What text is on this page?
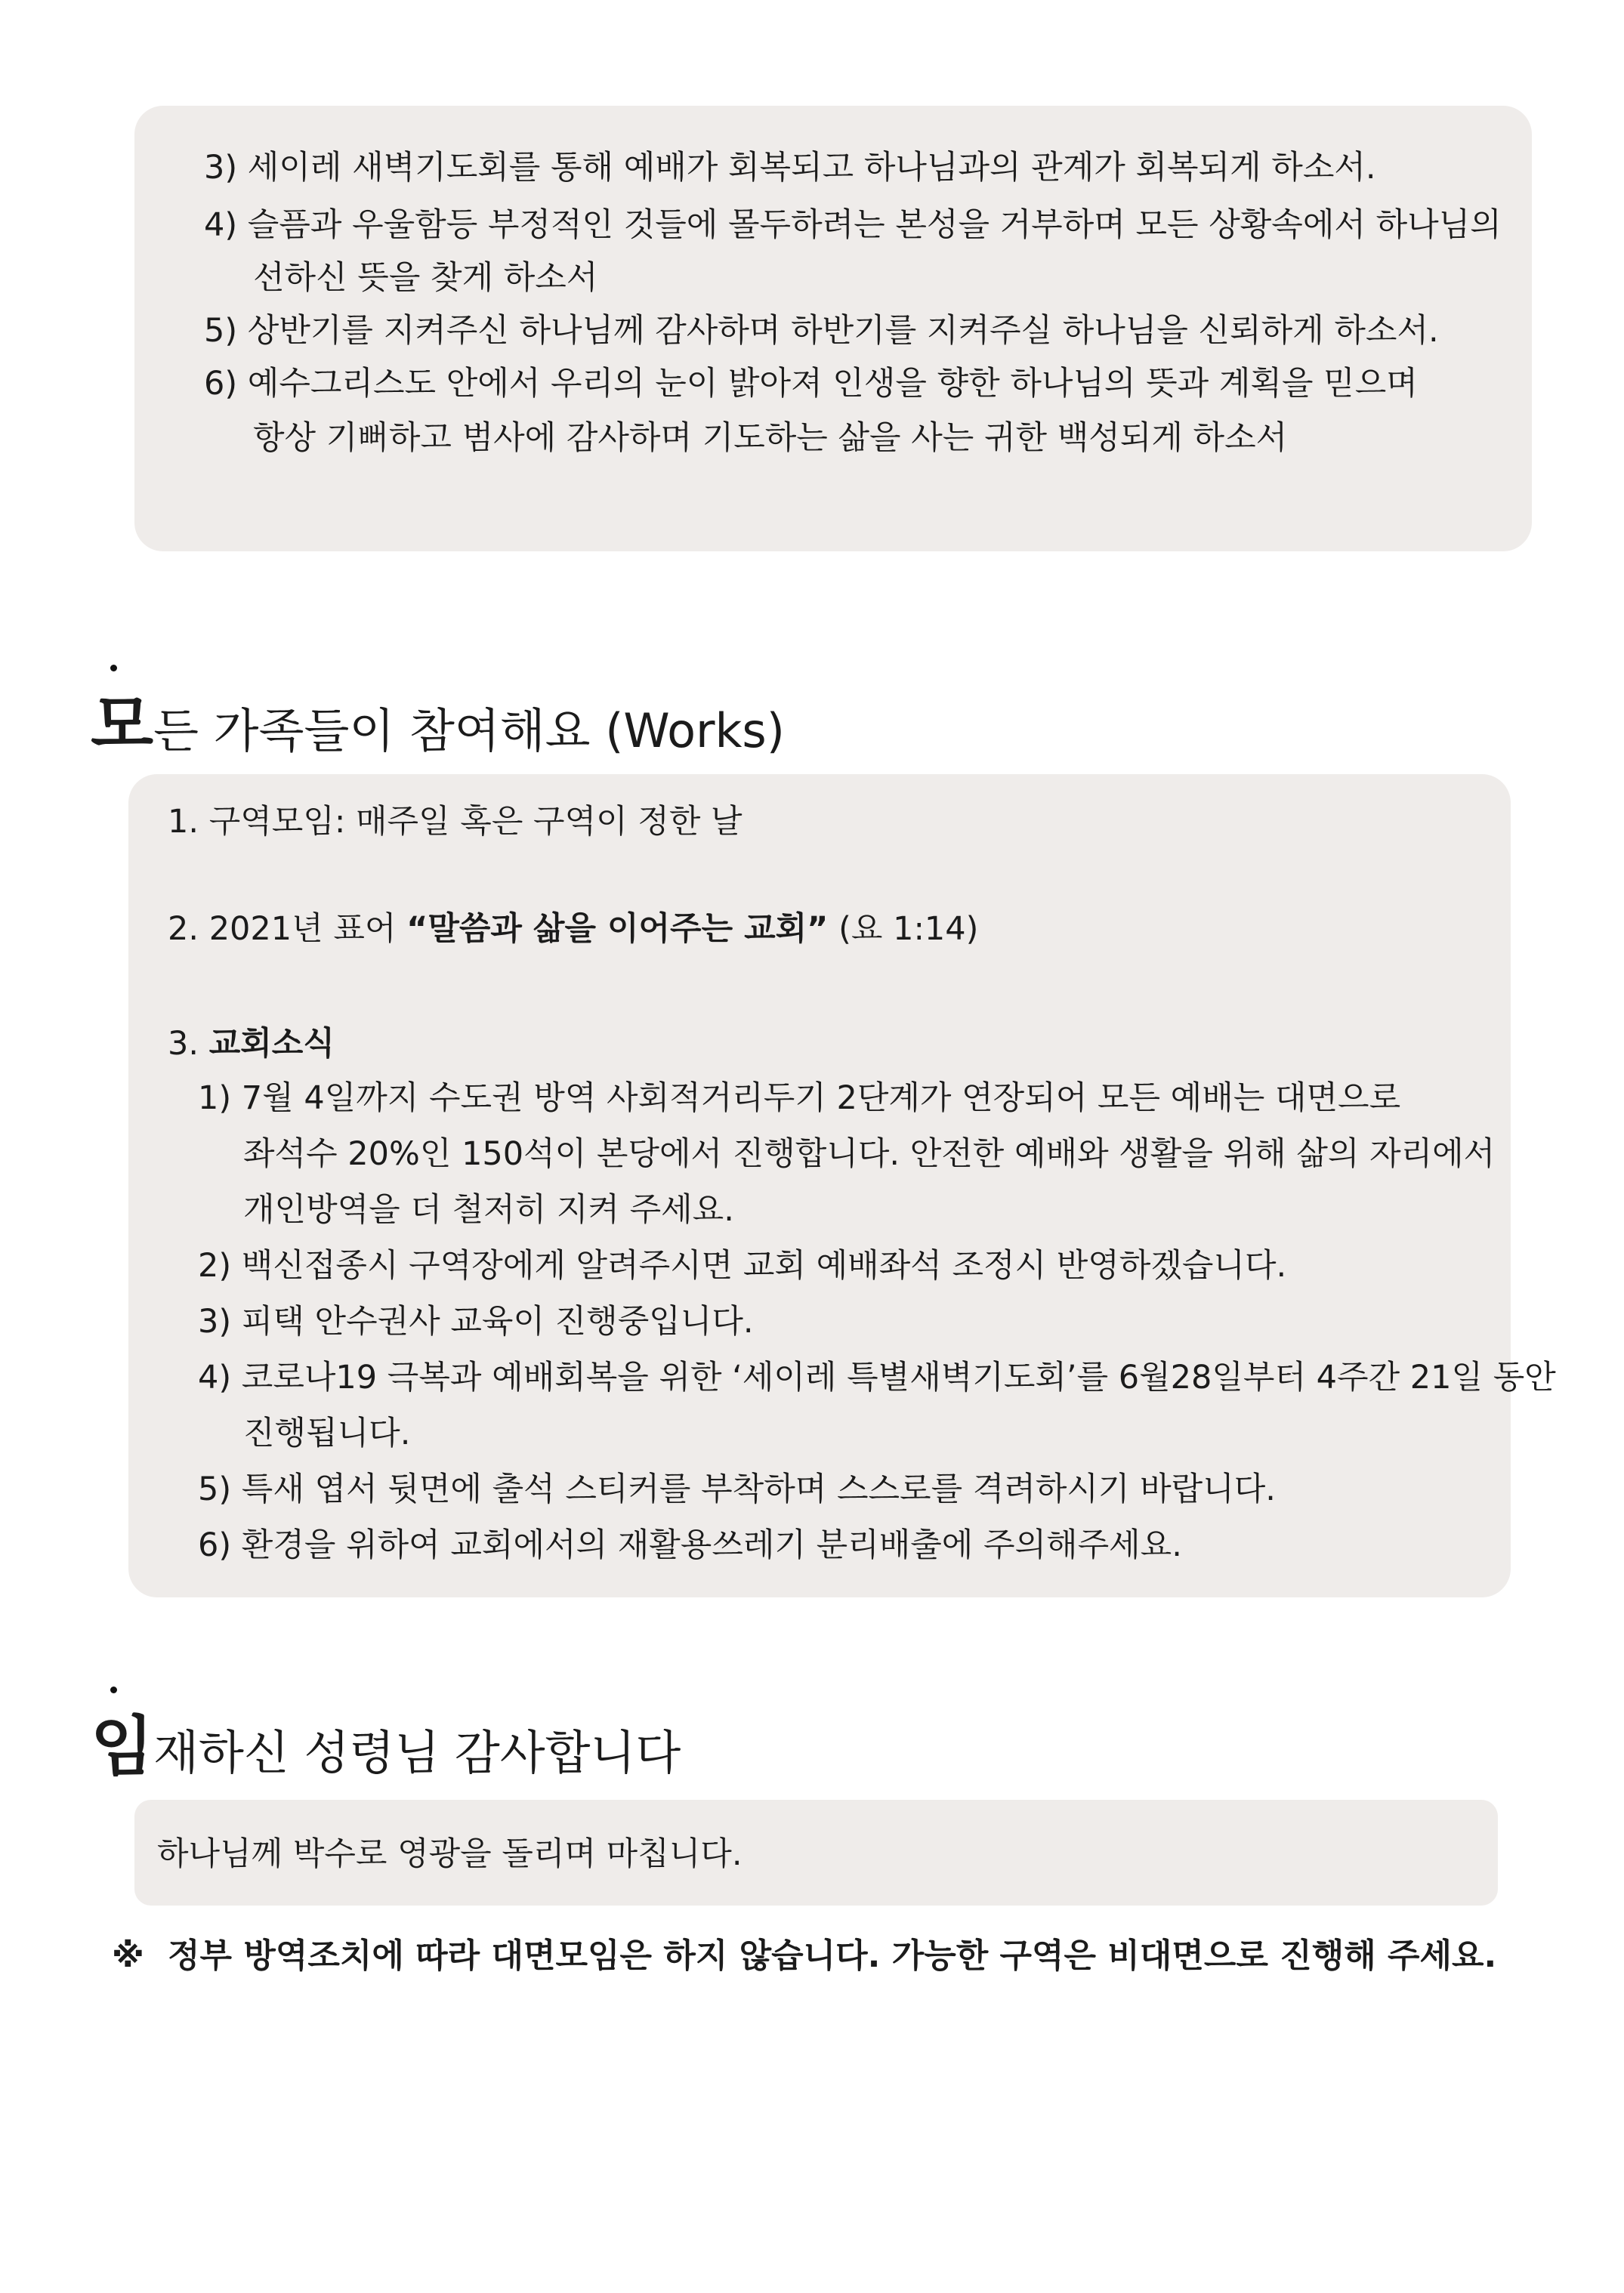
3) 세이레 새벽기도회를 통해 예배가 회복되고 하나님과의 관계가 회복되게 하소서.
4) 슬픔과 우울함등 부정적인 것들에 몰두하려는 본성을 거부하며 모든 상황속에서 하나님의
선하신 뜻을 찾게 하소서
5) 상반기를 지켜주신 하나님께 감사하며 하반기를 지켜주실 하나님을 신뢰하게 하소서.
6) 예수그리스도 안에서 우리의 눈이 밝아져 인생을 향한 하나님의 뜻과 계획을 믿으며
항상 기뻐하고 범사에 감사하며 기도하는 삶을 사는 귀한 백성되게 하소서
모든 가족들이 참여해요 (Works)
1. 구역모임: 매주일 혹은 구역이 정한 날
2. 2021년 표어 “말씀과 삶을 이어주는 교회” (요 1:14)
3. 교회소식
1) 7월 4일까지 수도권 방역 사회적거리두기 2단계가 연장되어 모든 예배는 대면으로
좌석수 20%인 150석이 본당에서 진행합니다. 안전한 예배와 생활을 위해 삶의 자리에서
개인방역을 더 철저히 지켜 주세요.
2) 백신접종시 구역장에게 알려주시면 교회 예배좌석 조정시 반영하겠습니다.
3) 피택 안수권사 교육이 진행중입니다.
4) 코로나19 극복과 예배회복을 위한 ‘세이레 특별새벽기도회’를 6월28일부터 4주간 21일 동안
진행됩니다.
5) 특새 엽서 뒷면에 출석 스티커를 부착하며 스스로를 격려하시기 바랍니다.
6) 환경을 위하여 교회에서의 재활용쓰레기 분리배출에 주의해주세요.
임재하신 성령님 감사합니다
하나님께 박수로 영광을 돌리며 마칩니다.
※ 정부 방역조치에 따라 대면모임은 하지 않습니다. 가능한 구역은 비대면으로 진행해 주세요.
